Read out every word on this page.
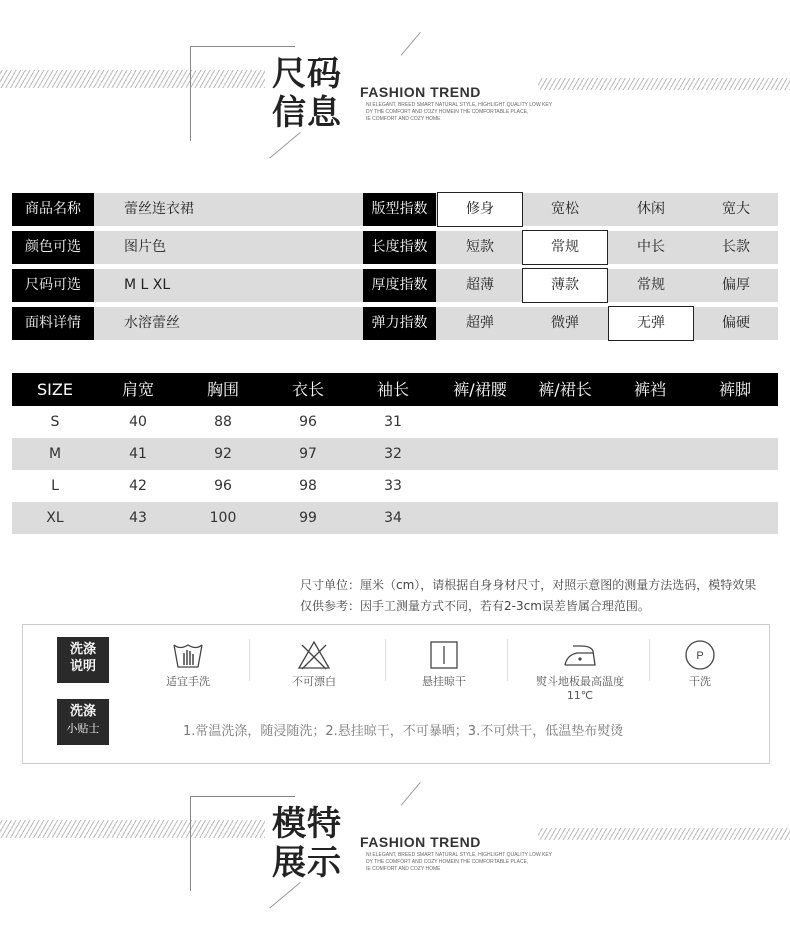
尺码
信息
FASHION TREND
NI ELEGANT, BREED SMART NATURAL STYLE, HIGHLIGHT QUALITY LOW KEY
DY THE COMFORT AND COZY HOMEIN THE COMFORTABLE PLACE,
IE COMFORT AND COZY HOME
商品名称	蕾丝连衣裙	版型指数	修身	宽松	休闲	宽大
颜色可选	图片色	长度指数	短款	常规	中长	长款
尺码可选	M L XL	厚度指数	超薄	薄款	常规	偏厚
面料详情	水溶蕾丝	弹力指数	超弹	微弹	无弹	偏硬
SIZE	肩宽	胸围	衣长	袖长	裤/裙腰	裤/裙长	裤裆	裤脚
S	40	88	96	31
M	41	92	97	32
L	42	96	98	33
XL	43	100	99	34
尺寸单位：厘米（cm），请根据自身身材尺寸，对照示意图的测量方法选码，模特效果
仅供参考：因手工测量方式不同，若有2-3cm误差皆属合理范围。
洗涤
说明
洗涤
小贴士
适宜手洗	不可漂白	悬挂晾干	熨斗地板最高温度11℃
P
干洗
1.常温洗涤，随浸随洗；2.悬挂晾干，不可暴晒；3.不可烘干，低温垫布熨烫
模特
展示
FASHION TREND
NI ELEGANT, BREED SMART NATURAL STYLE, HIGHLIGHT QUALITY LOW KEY
DY THE COMFORT AND COZY HOMEIN THE COMFORTABLE PLACE,
IE COMFORT AND COZY HOME
